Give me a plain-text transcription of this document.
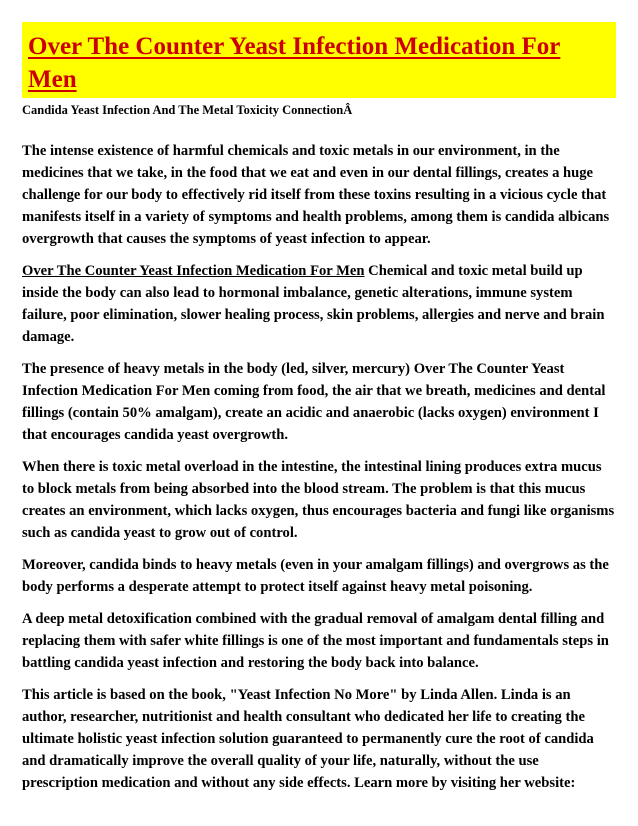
Over The Counter Yeast Infection Medication For Men

Candida Yeast Infection And The Metal Toxicity ConnectionÂ

The intense existence of harmful chemicals and toxic metals in our environment, in the medicines that we take, in the food that we eat and even in our dental fillings, creates a huge challenge for our body to effectively rid itself from these toxins resulting in a vicious cycle that manifests itself in a variety of symptoms and health problems, among them is candida albicans overgrowth that causes the symptoms of yeast infection to appear.

Over The Counter Yeast Infection Medication For Men Chemical and toxic metal build up inside the body can also lead to hormonal imbalance, genetic alterations, immune system failure, poor elimination, slower healing process, skin problems, allergies and nerve and brain damage.

The presence of heavy metals in the body (led, silver, mercury) Over The Counter Yeast Infection Medication For Men coming from food, the air that we breath, medicines and dental fillings (contain 50% amalgam), create an acidic and anaerobic (lacks oxygen) environment I that encourages candida yeast overgrowth.

When there is toxic metal overload in the intestine, the intestinal lining produces extra mucus to block metals from being absorbed into the blood stream. The problem is that this mucus creates an environment, which lacks oxygen, thus encourages bacteria and fungi like organisms such as candida yeast to grow out of control.

Moreover, candida binds to heavy metals (even in your amalgam fillings) and overgrows as the body performs a desperate attempt to protect itself against heavy metal poisoning.

A deep metal detoxification combined with the gradual removal of amalgam dental filling and replacing them with safer white fillings is one of the most important and fundamentals steps in battling candida yeast infection and restoring the body back into balance.

This article is based on the book, "Yeast Infection No More" by Linda Allen. Linda is an author, researcher, nutritionist and health consultant who dedicated her life to creating the ultimate holistic yeast infection solution guaranteed to permanently cure the root of candida and dramatically improve the overall quality of your life, naturally, without the use prescription medication and without any side effects. Learn more by visiting her website:
